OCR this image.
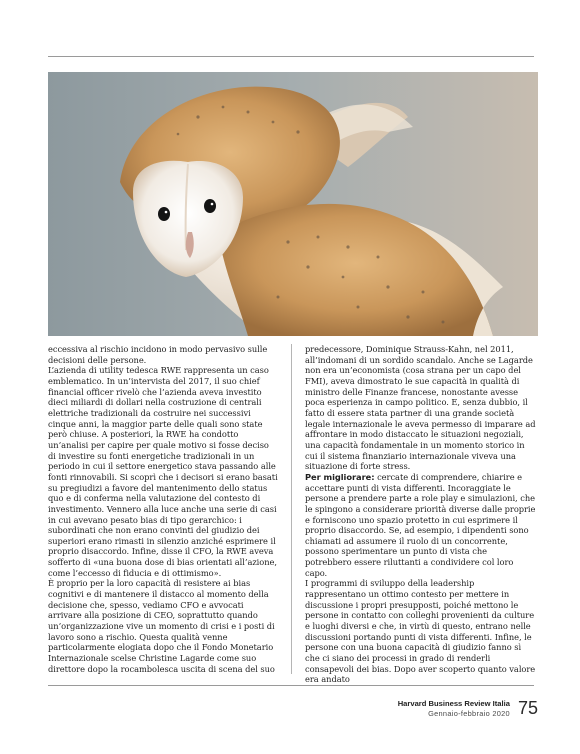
eccessiva al rischio incidono in modo pervasivo sulle decisioni delle persone.

L’azienda di utility tedesca RWE rappresenta un caso emblematico. In un’intervista del 2017, il suo chief financial officer rivelò che l’azienda aveva investito dieci miliardi di dollari nella costruzione di centrali elettriche tradizionali da costruire nei successivi cinque anni, la maggior parte delle quali sono state però chiuse. A posteriori, la RWE ha condotto un’analisi per capire per quale motivo si fosse deciso di investire su fonti energetiche tradizionali in un periodo in cui il settore energetico stava passando alle fonti rinnovabili. Si scoprì che i decisori si erano basati su pregiudizi a favore del mantenimento dello status quo e di conferma nella valutazione del contesto di investimento. Vennero alla luce anche una serie di casi in cui avevano pesato bias di tipo gerarchico: i subordinati che non erano convinti del giudizio dei superiori erano rimasti in silenzio anziché esprimere il proprio disaccordo. Infine, disse il CFO, la RWE aveva sofferto di «una buona dose di bias orientati all’azione, come l’eccesso di fiducia e di ottimismo».

È proprio per la loro capacità di resistere ai bias cognitivi e di mantenere il distacco al momento della decisione che, spesso, vediamo CFO e avvocati arrivare alla posizione di CEO, soprattutto quando un’organizzazione vive un momento di crisi e i posti di lavoro sono a rischio. Questa qualità venne particolarmente elogiata dopo che il Fondo Monetario Internazionale scelse Christine Lagarde come suo direttore dopo la rocambolesca uscita di scena del suo

predecessore, Dominique Strauss-Kahn, nel 2011, all’indomani di un sordido scandalo. Anche se Lagarde non era un’economista (cosa strana per un capo del FMI), aveva dimostrato le sue capacità in qualità di ministro delle Finanze francese, nonostante avesse poca esperienza in campo politico. E, senza dubbio, il fatto di essere stata partner di una grande società legale internazionale le aveva permesso di imparare ad affrontare in modo distaccato le situazioni negoziali, una capacità fondamentale in un momento storico in cui il sistema finanziario internazionale viveva una situazione di forte stress.

Per migliorare: cercate di comprendere, chiarire e accettare punti di vista differenti. Incoraggiate le persone a prendere parte a role play e simulazioni, che le spingono a considerare priorità diverse dalle proprie e forniscono uno spazio protetto in cui esprimere il proprio disaccordo. Se, ad esempio, i dipendenti sono chiamati ad assumere il ruolo di un concorrente, possono sperimentare un punto di vista che potrebbero essere riluttanti a condividere col loro capo.

I programmi di sviluppo della leadership rappresentano un ottimo contesto per mettere in discussione i propri presupposti, poiché mettono le persone in contatto con colleghi provenienti da culture e luoghi diversi e che, in virtù di questo, entrano nelle discussioni portando punti di vista differenti. Infine, le persone con una buona capacità di giudizio fanno sì che ci siano dei processi in grado di renderli consapevoli dei bias. Dopo aver scoperto quanto valore era andato

Harvard Business Review Italia
Gennaio-febbraio 2020 75
